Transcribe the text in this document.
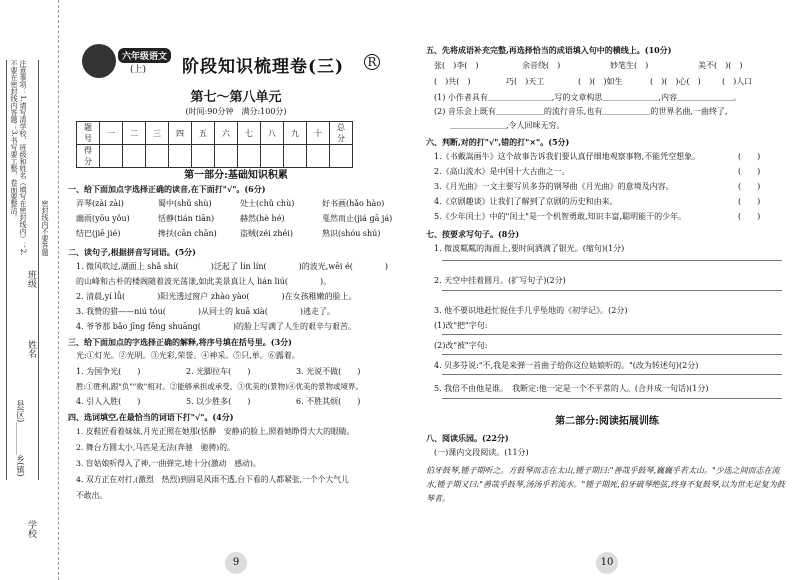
注意事项：1.请写清学校、班级和姓名（填写在密封线内）；2.不要在密封线内答题；3.书写要工整，卷面要整洁。
密封线内不要答题
班级
姓名
县(区)＿＿＿＿乡(镇)
学校
六年级语文
(上) 阶段知识梳理卷(三) R
第七～第八单元
(时间:90分钟　满分:100分)
题　号	一	二	三	四	五	六	七	八	九	十	总　分
得　分											
第一部分:基础知识积累
一、给下面加点字选择正确的读音,在下面打"√"。(6分)
二、读句子,根据拼音写词语。(5分)
三、给下面加点的字选择正确的解释,将序号填在括号里。(3分)
光:①灯光。②光明。③光彩,荣誉。④神采。⑤只,单。⑥露着。
胜:①胜利,跟"负""败"相对。②能够承担或承受。③优美的(景物)④优美的景物或境界。
四、选词填空,在最恰当的词语下打"√"。(4分)
9
弄琴(zài zài)	蜀中(shǔ shù)	处士(chǔ chù)	好书画(hǎo hào)
幽雨(yōu yǒu)	恬静(tián tiān)	赫然(hè hé)	戛然而止(jiá gā já)
结巴(jiē jié)	搀扶(cān chān)	盗贼(zéi zhéi)	熟识(shóu shú)
1. 微风吹过,湖面上 shǎ shí(　　　　)泛起了 lín lín(　　　　)的波光,wēi é(　　　　)
的山峰和古朴的楼阁随着波光荡漾,如此美景真让人 lián liú(　　　　)。
2. 清晨,yí lǚ(　　　　)阳光透过窗户 zhào yào(　　　　)在女孩稚嫩的脸上。
3. 我赞的猎——niú tóu(　　　　)从同士的 kuā xià(　　　　)逃走了。
4. 爷爷那 bǎo jīng fēng shuāng(　　　　)的脸上写满了人生的艰辛与艰苦。
1. 为国争光(　　)	2. 光脚拉车(　　)	3. 光说不做(　　)
4. 引人入胜(　　)	5. 以少胜多(　　)	6. 不胜其烦(　　)
1. 皮鞋匠看着妹妹,月光正照在她那(恬静　安静)的脸上,照着她睁得大大的眼睛。
2. 舞台方圆太小,马匹是无法(奔驰　驰骋)的。
3. 盲姑娘听得入了神,一曲弹完,她十分(激动　感动)。
4. 双方正在对打,(激烈　热烈)到固是风雨不透,台下看的人都紧张,一个个大气儿
不敢出。
五、先将成语补充完整,再选择恰当的成语填入句中的横线上。(10分)
六、判断,对的打"√",错的打"×"。(5分)
七、按要求写句子。(8分)
第二部分:阅读拓展训练
八、阅读乐园。(22分)
(一)课内文段阅读。(11分)
伯牙鼓琴,锺子期听之。方鼓琴而志在太山,锺子期曰:"善哉乎鼓琴,巍巍乎若太山。"少选之间而志在流水,锺子期又曰:"善哉乎鼓琴,汤汤乎若流水。"锺子期死,伯牙破琴绝弦,终身不复鼓琴,以为世无足复为鼓琴者。
10
张(　)李(　)	余音绕(　)	妙笔生(　)	美不(　)(　)
(　)共(　)	巧(　)天工	(　)(　)如生	(　)(　)心(　)	(　)人口
(1) 小作者具有＿＿＿＿＿＿＿＿,写的文章构思＿＿＿＿＿＿＿,内容＿＿＿＿＿＿＿。
(2) 音乐会上既有＿＿＿＿＿＿的流行音乐,也有＿＿＿＿＿＿的世界名曲,一曲终了,
　　＿＿＿＿＿＿＿,令人回味无穷。
1.《书戴嵩画牛》这个故事告诉我们要认真仔细地观察事物,不能凭空想象。	(　　)
2.《高山流水》是中国十大古曲之一。	(　　)
3.《月光曲》一文主要写贝多芬的钢琴曲《月光曲》的意境及内容。	(　　)
4.《京剧趣谈》让我们了解到了京剧的历史和由来。	(　　)
5.《少年闰土》中的"闰土"是一个机智勇敢,知识丰富,聪明能干的少年。	(　　)
1. 微波粼粼的海面上,要时间洒满了银光。(缩句)(1分)
2. 天空中挂着圆月。(扩写句子)(2分)
3. 他不要识地赶忙捉住手几乎坠地的《初学记》。(2分)
(1)改"把"字句:
(2)改"被"字句:
4. 贝多芬说:"不,我是来弹一首曲子给你这位姑娘听的。"(改为转述句)(2分)
5. 我倍不由他是谁。　我断定:他一定是一个不平常的人。(合并成一句话)(1分)
